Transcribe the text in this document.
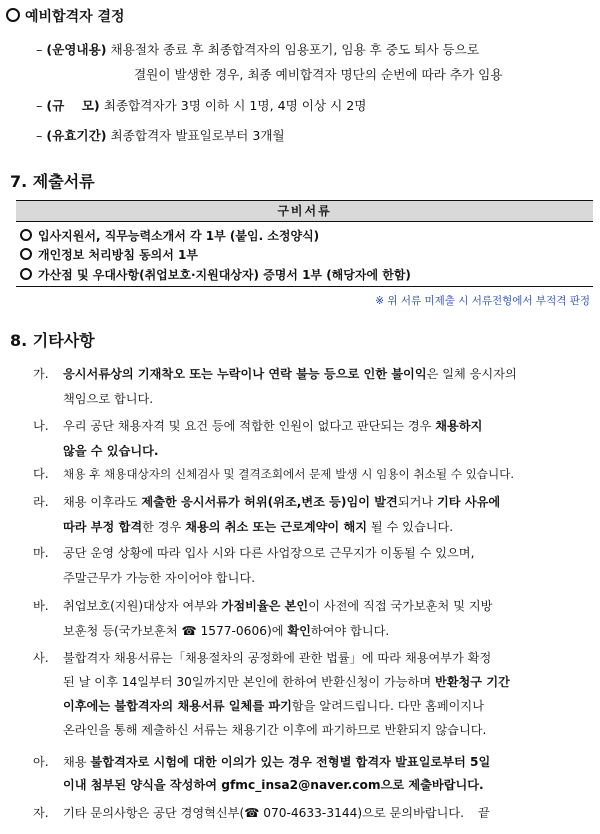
예비합격자 결정
– (운영내용) 채용절차 종료 후 최종합격자의 임용포기, 임용 후 중도 퇴사 등으로
결원이 발생한 경우, 최종 예비합격자 명단의 순번에 따라 추가 임용
– (규    모) 최종합격자가 3명 이하 시 1명, 4명 이상 시 2명
– (유효기간) 최종합격자 발표일로부터 3개월
7. 제출서류
구비서류
입사지원서, 직무능력소개서 각 1부 (붙임. 소정양식)
개인정보 처리방침 동의서 1부
가산점 및 우대사항(취업보호·지원대상자) 증명서 1부 (해당자에 한함)
※ 위 서류 미제출 시 서류전형에서 부적격 판정
8. 기타사항
가.	응시서류상의 기재착오 또는 누락이나 연락 불능 등으로 인한 불이익은 일체 응시자의
책임으로 합니다.
나.	우리 공단 채용자격 및 요건 등에 적합한 인원이 없다고 판단되는 경우 채용하지
않을 수 있습니다.
다.	채용 후 채용대상자의 신체검사 및 결격조회에서 문제 발생 시 임용이 취소될 수 있습니다.
라.	채용 이후라도 제출한 응시서류가 허위(위조,변조 등)임이 발견되거나 기타 사유에
따라 부정 합격한 경우 채용의 취소 또는 근로계약이 해지 될 수 있습니다.
마.	공단 운영 상황에 따라 입사 시와 다른 사업장으로 근무지가 이동될 수 있으며,
주말근무가 가능한 자이어야 합니다.
바.	취업보호(지원)대상자 여부와 가점비율은 본인이 사전에 직접 국가보훈처 및 지방
보훈청 등(국가보훈처 ☎ 1577-0606)에 확인하여야 합니다.
사.	불합격자 채용서류는「채용절차의 공정화에 관한 법률」에 따라 채용여부가 확정
된 날 이후 14일부터 30일까지만 본인에 한하여 반환신청이 가능하며 반환청구 기간
이후에는 불합격자의 채용서류 일체를 파기함을 알려드립니다. 다만 홈페이지나
온라인을 통해 제출하신 서류는 채용기간 이후에 파기하므로 반환되지 않습니다.
아.	채용 불합격자로 시험에 대한 이의가 있는 경우 전형별 합격자 발표일로부터 5일
이내 첨부된 양식을 작성하여 gfmc_insa2@naver.com으로 제출바랍니다.
자.	기타 문의사항은 공단 경영혁신부(☎ 070-4633-3144)으로 문의바랍니다. 끝
